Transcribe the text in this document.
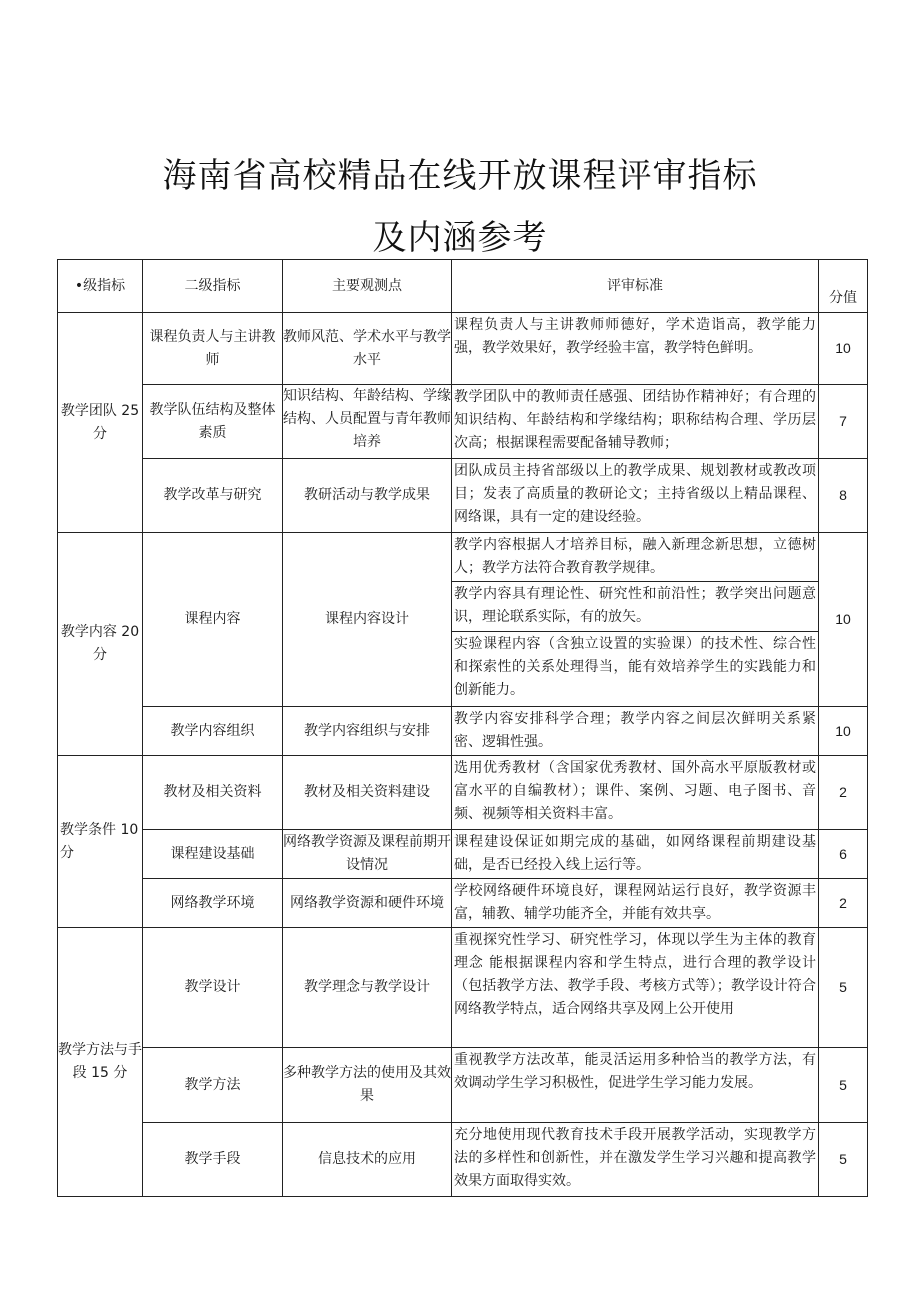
海南省高校精品在线开放课程评审指标
及内涵参考
•级指标	二级指标	主要观测点	评审标准	分值
教学团队 25 分	课程负责人与主讲教师	教师风范、学术水平与教学水平	课程负责人与主讲教师师德好，学术造诣高，教学能力强，教学效果好，教学经验丰富，教学特色鲜明。	10
	教学队伍结构及整体素质	知识结构、年龄结构、学缘结构、人员配置与青年教师培养	教学团队中的教师责任感强、团结协作精神好；有合理的知识结构、年龄结构和学缘结构；职称结构合理、学历层次高；根据课程需要配备辅导教师；	7
	教学改革与研究	教研活动与教学成果	团队成员主持省部级以上的教学成果、规划教材或教改项目；发表了高质量的教研论文；主持省级以上精品课程、网络课，具有一定的建设经验。	8
教学内容 20 分	课程内容	课程内容设计	教学内容根据人才培养目标，融入新理念新思想，立德树人；教学方法符合教育教学规律。	10
			教学内容具有理论性、研究性和前沿性；教学突出问题意识，理论联系实际，有的放矢。	
			实验课程内容（含独立设置的实验课）的技术性、综合性和探索性的关系处理得当，能有效培养学生的实践能力和创新能力。	
	教学内容组织	教学内容组织与安排	教学内容安排科学合理；教学内容之间层次鲜明关系紧密、逻辑性强。	10
教学条件 10 分	教材及相关资料	教材及相关资料建设	选用优秀教材（含国家优秀教材、国外高水平原版教材或富水平的自编教材）；课件、案例、习题、电子图书、音频、视频等相关资料丰富。	2
	课程建设基础	网络教学资源及课程前期开设情况	课程建设保证如期完成的基础，如网络课程前期建设基础，是否已经投入线上运行等。	6
	网络教学环境	网络教学资源和硬件环境	学校网络硬件环境良好，课程网站运行良好，教学资源丰富，辅教、辅学功能齐全，并能有效共享。	2
教学方法与手段 15 分	教学设计	教学理念与教学设计	重视探究性学习、研究性学习，体现以学生为主体的教育理念 能根据课程内容和学生特点，进行合理的教学设计（包括教学方法、教学手段、考核方式等）；教学设计符合网络教学特点，适合网络共享及网上公开使用	5
	教学方法	多种教学方法的使用及其效果	重视教学方法改革，能灵活运用多种恰当的教学方法，有效调动学生学习积极性，促进学生学习能力发展。	5
	教学手段	信息技术的应用	充分地使用现代教育技术手段开展教学活动，实现教学方法的多样性和创新性，并在激发学生学习兴趣和提高教学效果方面取得实效。	5
